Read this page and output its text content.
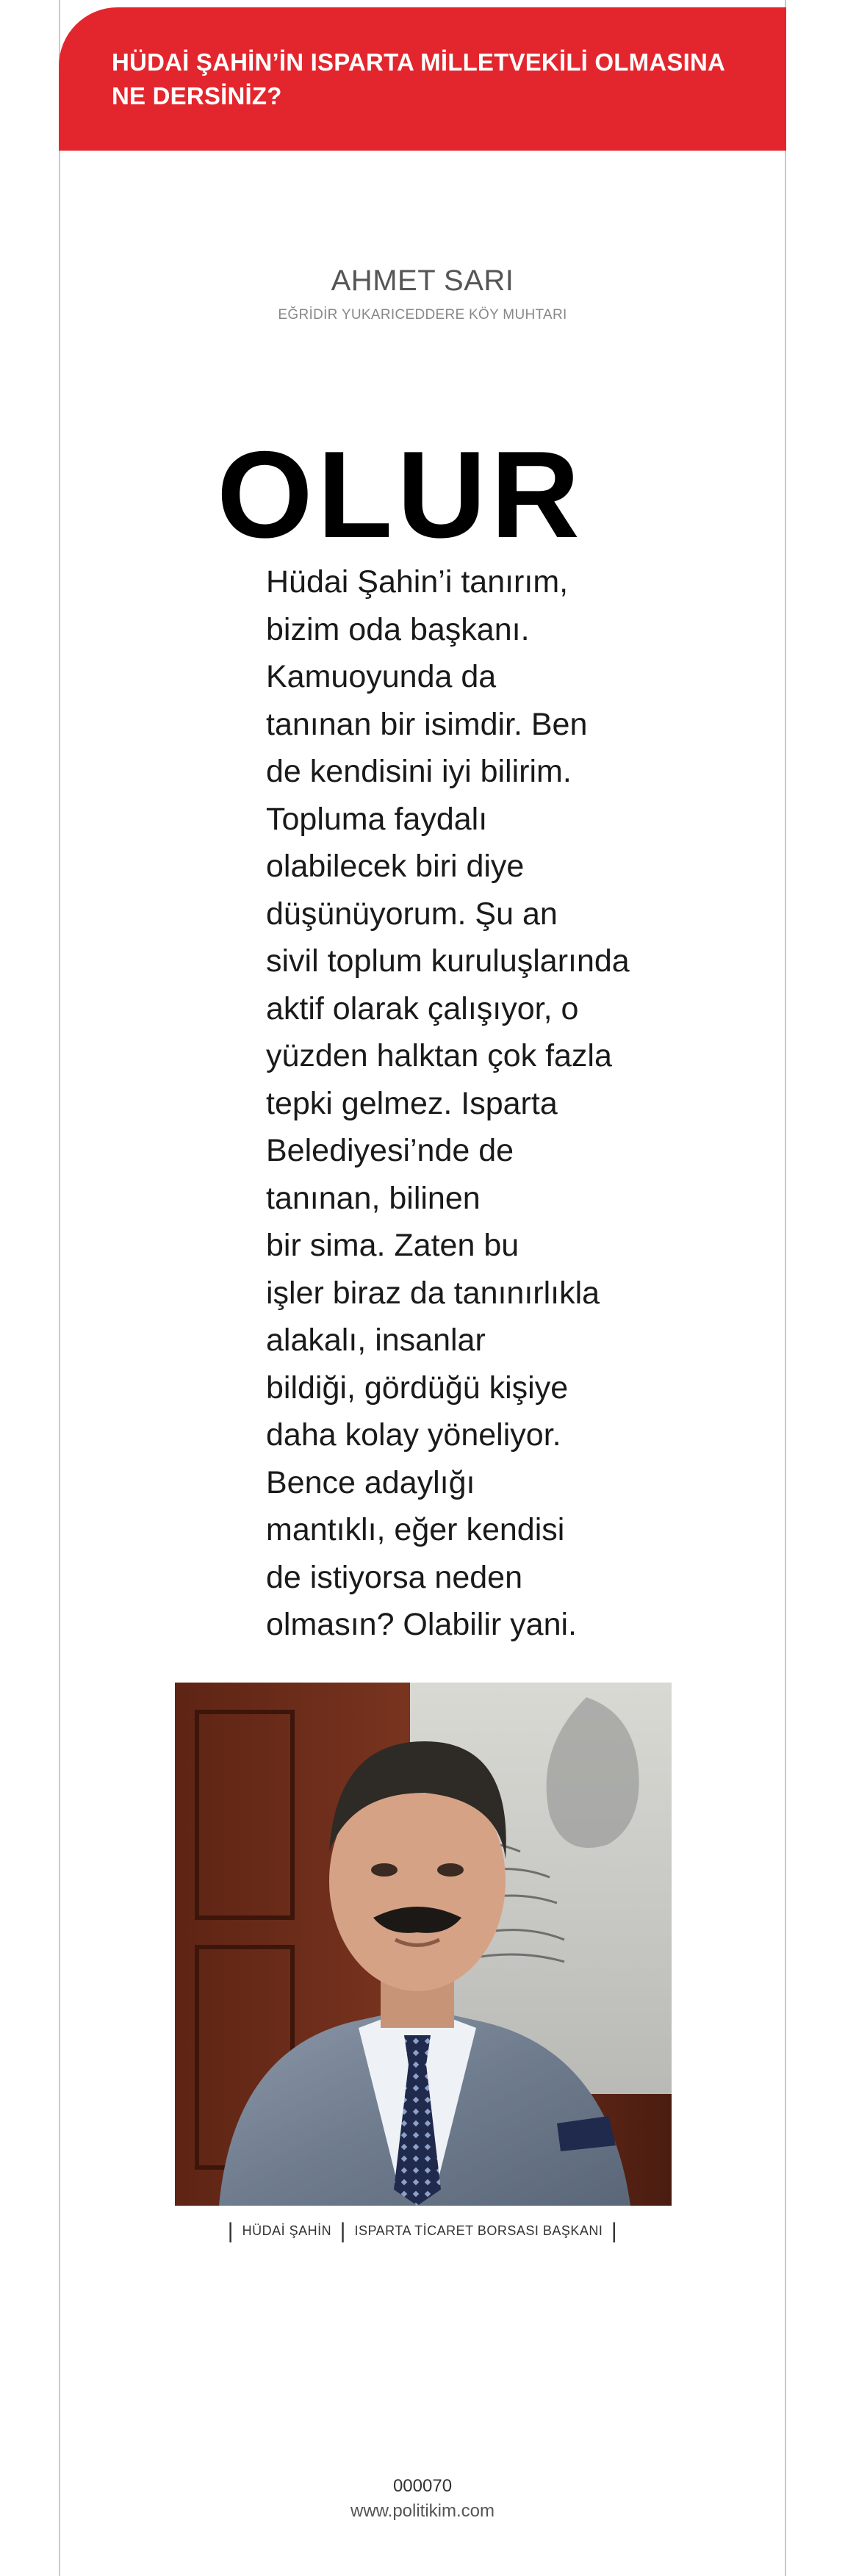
HÜDAİ ŞAHİN’İN ISPARTA MİLLETVEKİLİ OLMASINA
NE DERSİNİZ?

AHMET SARI
EĞRİDİR YUKARICEDDERE KÖY MUHTARI
OLUR
Hüdai Şahin’i tanırım,
bizim oda başkanı.
Kamuoyunda da
tanınan bir isimdir. Ben
de kendisini iyi bilirim.
Topluma faydalı
olabilecek biri diye
düşünüyorum. Şu an
sivil toplum kuruluşlarında
aktif olarak çalışıyor, o
yüzden halktan çok fazla
tepki gelmez. Isparta
Belediyesi’nde de
tanınan, bilinen
bir sima. Zaten bu
işler biraz da tanınırlıkla
alakalı, insanlar
bildiği, gördüğü kişiye
daha kolay yöneliyor.
Bence adaylığı
mantıklı, eğer kendisi
de istiyorsa neden
olmasın? Olabilir yani.
| HÜDAİ ŞAHİN | ISPARTA TİCARET BORSASI BAŞKANI |
000070
www.politikim.com
